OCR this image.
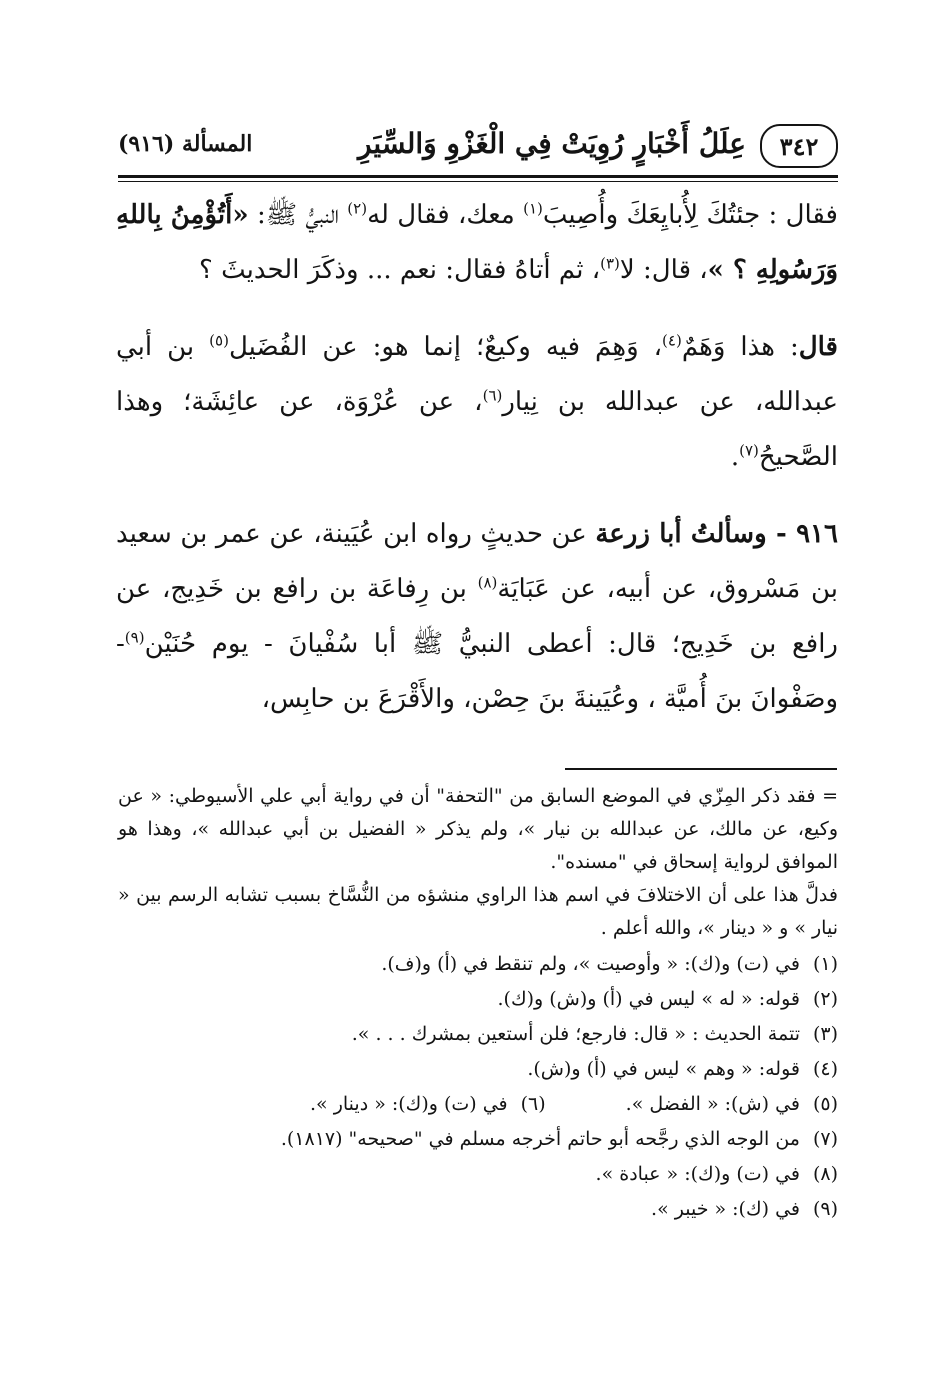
٣٤٢
عِلَلُ أَخْبَارٍ رُوِيَتْ فِي الْغَزْوِ وَالسِّيَرِ
المسألة (٩١٦)

فقال : جئتُكَ لِأُبايِعَكَ وأُصِيبَ$^{(١)}$ معك، فقال له$^{(٢)}$ النبيُّ ﷺ: «أَتُؤْمِنُ بِاللهِ وَرَسُولِهِ ؟ »، قال: لا$^{(٣)}$، ثم أتاهُ فقال: نعم ... وذكَرَ الحديثَ ؟

قال: هذا وَهَمٌ$^{(٤)}$، وَهِمَ فيه وكيعٌ؛ إنما هو: عن الفُضَيل$^{(٥)}$ بن أبي عبدالله، عن عبدالله بن نِيار$^{(٦)}$، عن عُرْوَة، عن عائِشَة؛ وهذا الصَّحيحُ$^{(٧)}$.

٩١٦ - وسألتُ أبا زرعة عن حديثٍ رواه ابن عُيَينة، عن عمر بن سعيد بن مَسْروق، عن أبيه، عن عَبَايَة$^{(٨)}$ بن رِفاعَة بن رافع بن خَدِيج، عن رافع بن خَدِيج؛ قال: أعطى النبيُّ ﷺ أبا سُفْيانَ - يوم حُنَيْن$^{(٩)}$- وصَفْوانَ بنَ أُميَّة ، وعُيَينةَ بنَ حِصْن، والأَقْرَعَ بن حابِس،

= فقد ذكر المِزّي في الموضع السابق من "التحفة" أن في رواية أبي علي الأسيوطي: « عن وكيع، عن مالك، عن عبدالله بن نيار »، ولم يذكر « الفضيل بن أبي عبدالله »، وهذا هو الموافق لرواية إسحاق في "مسنده".

فدلَّ هذا على أن الاختلافَ في اسم هذا الراوي منشؤه من النُّسَّاخ بسبب تشابه الرسم بين « نيار » و « دينار »، والله أعلم .

(١)
في (ت) و(ك): « وأوصيت »، ولم تنقط في (أ) و(ف).
(٢)
قوله: « له » ليس في (أ) و(ش) و(ك).
(٣)
تتمة الحديث : « قال: فارجع؛ فلن أستعين بمشرك . . . ».
(٤)
قوله: « وهم » ليس في (أ) و(ش).
(٥)
في (ش): « الفضل ».
(٦)
في (ت) و(ك): « دينار ».
(٧)
من الوجه الذي رجَّحه أبو حاتم أخرجه مسلم في "صحيحه" (١٨١٧).
(٨)
في (ت) و(ك): « عبادة ».
(٩)
في (ك): « خيبر ».
